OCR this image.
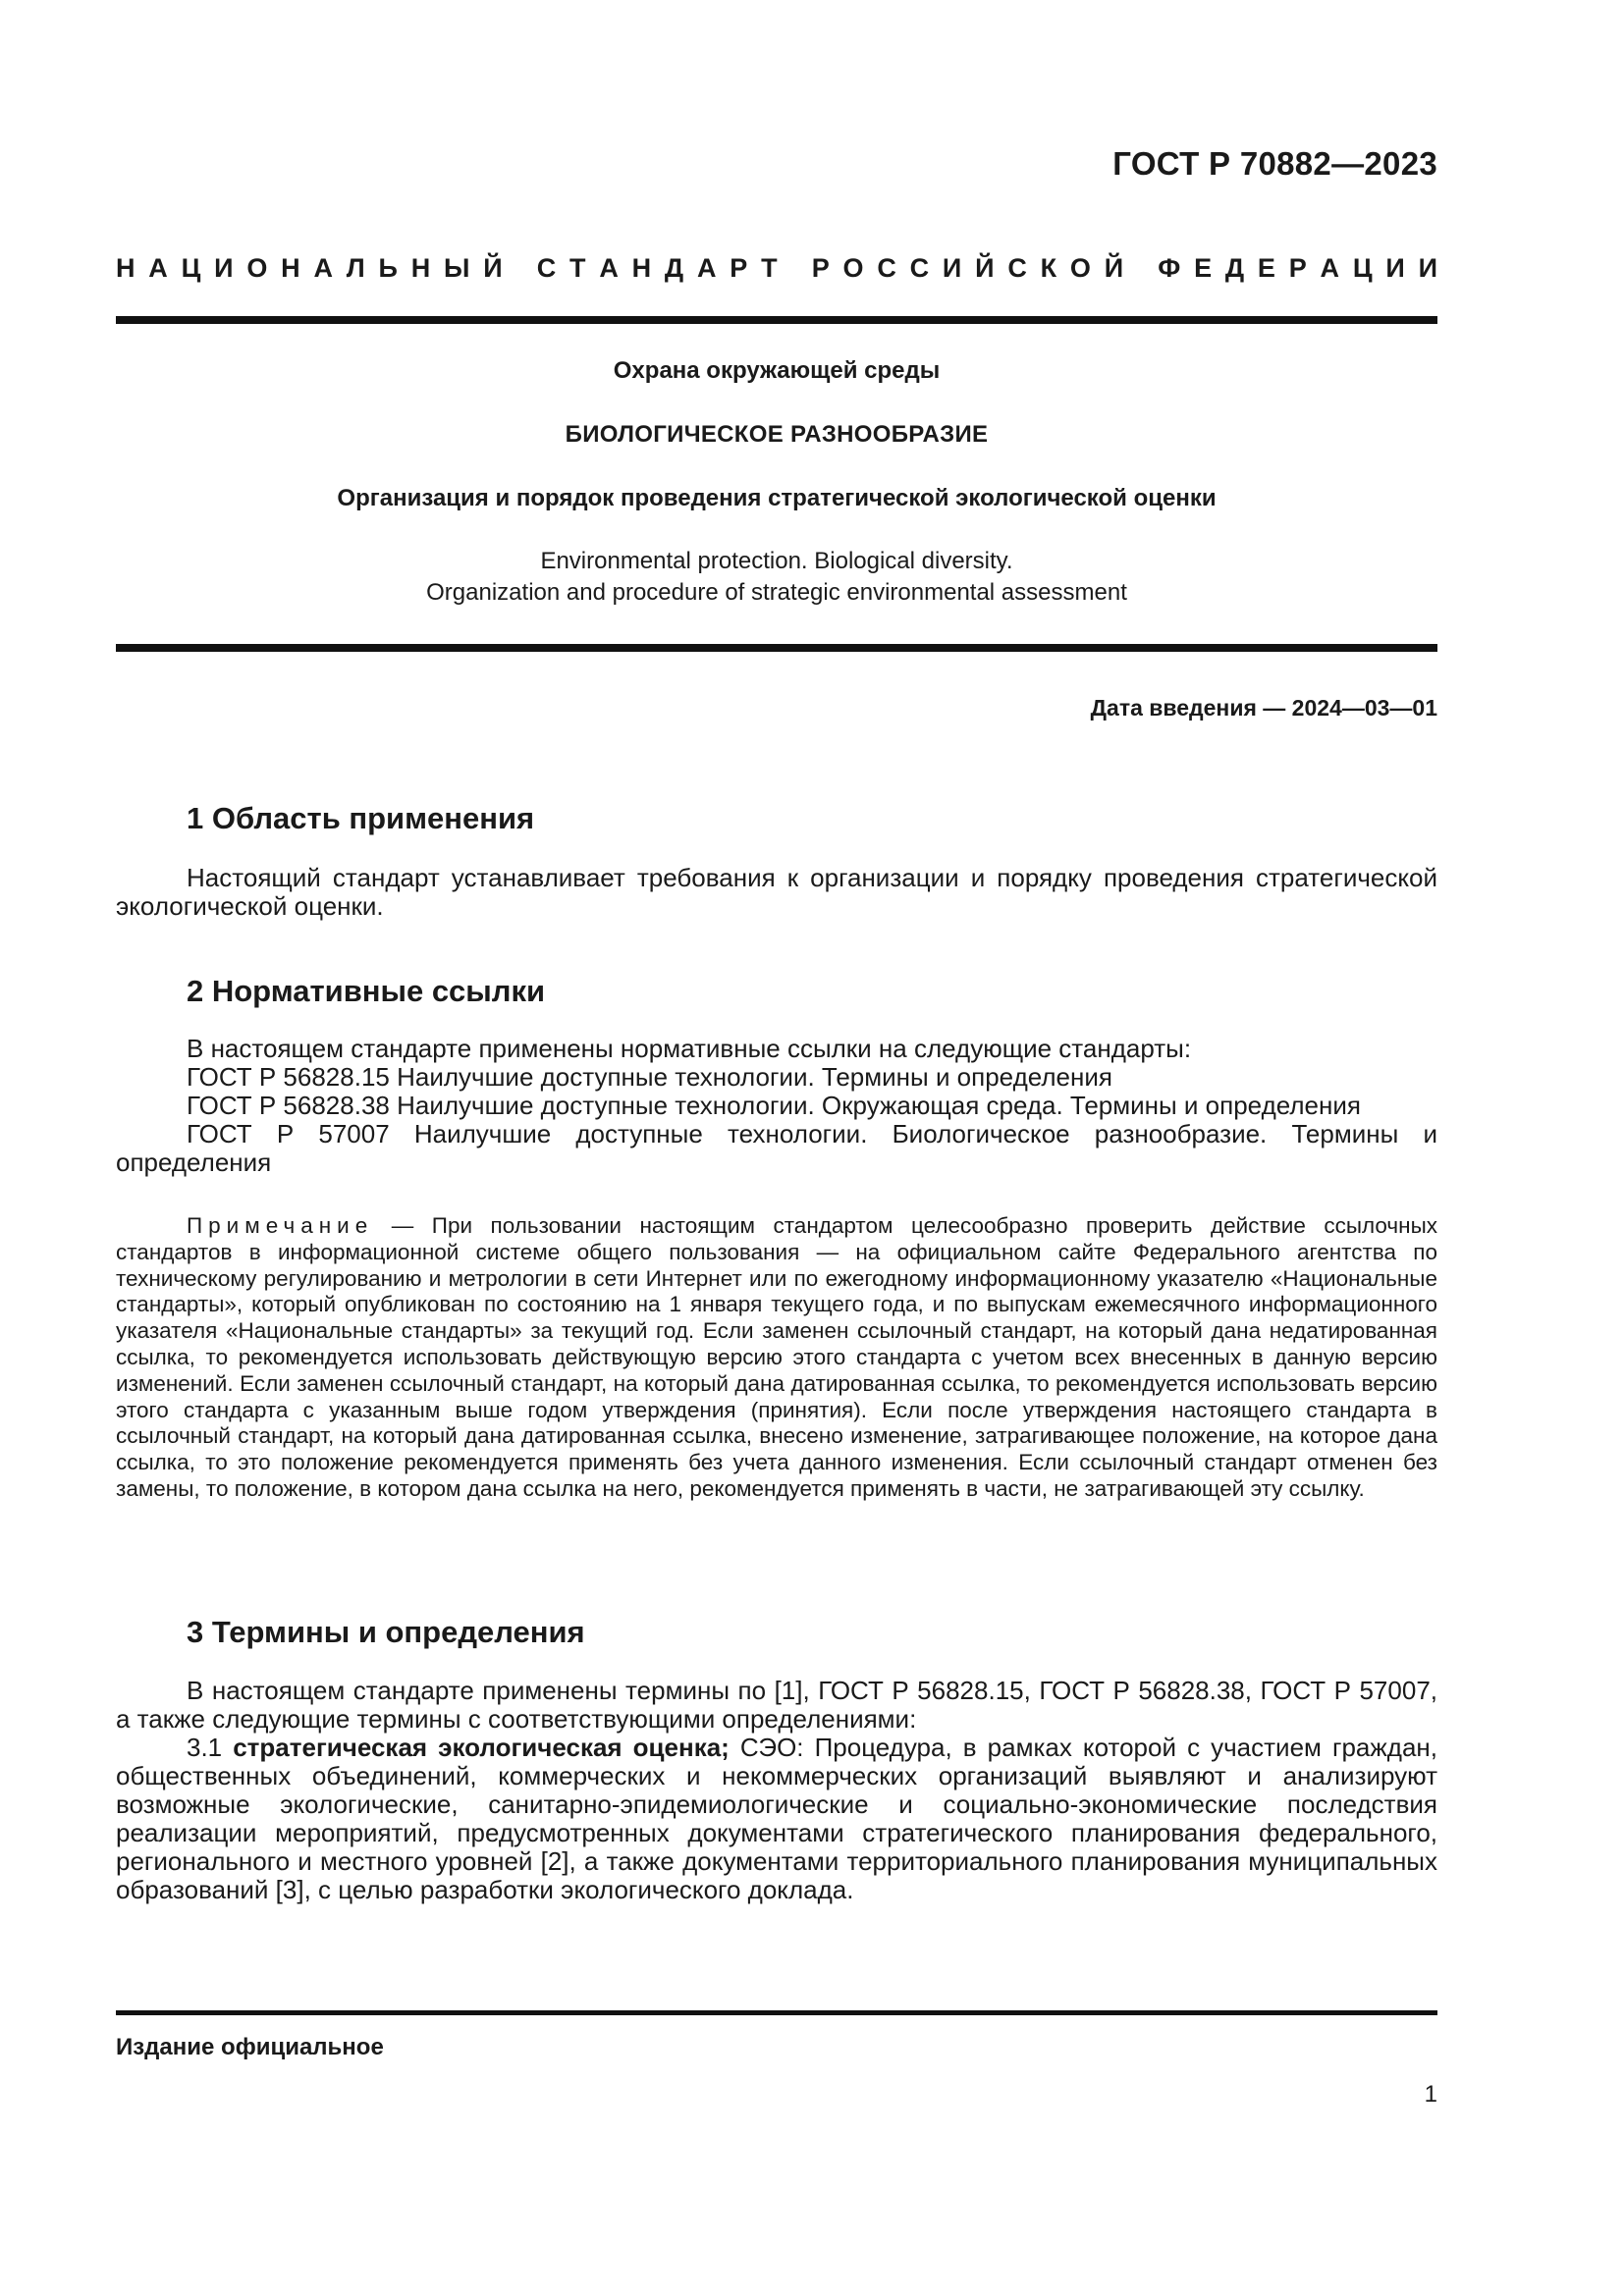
ГОСТ Р 70882—2023
Н А Ц И О Н А Л Ь Н Ы Й
С Т А Н Д А Р Т
Р О С С И Й С К О Й
Ф Е Д Е Р А Ц И И
Охрана окружающей среды
БИОЛОГИЧЕСКОЕ РАЗНООБРАЗИЕ
Организация и порядок проведения стратегической экологической оценки
Environmental protection. Biological diversity.
Organization and procedure of strategic environmental assessment
Дата введения — 2024—03—01
1 Область применения

Настоящий стандарт устанавливает требования к организации и порядку проведения стратегической экологической оценки.

2 Нормативные ссылки

В настоящем стандарте применены нормативные ссылки на следующие стандарты:

ГОСТ Р 56828.15 Наилучшие доступные технологии. Термины и определения

ГОСТ Р 56828.38 Наилучшие доступные технологии. Окружающая среда. Термины и определения

ГОСТ Р 57007 Наилучшие доступные технологии. Биологическое разнообразие. Термины и определения

Примечание — При пользовании настоящим стандартом целесообразно проверить действие ссылочных стандартов в информационной системе общего пользования — на официальном сайте Федерального агентства по техническому регулированию и метрологии в сети Интернет или по ежегодному информационному указателю «Национальные стандарты», который опубликован по состоянию на 1 января текущего года, и по выпускам ежемесячного информационного указателя «Национальные стандарты» за текущий год. Если заменен ссылочный стандарт, на который дана недатированная ссылка, то рекомендуется использовать действующую версию этого стандарта с учетом всех внесенных в данную версию изменений. Если заменен ссылочный стандарт, на который дана датированная ссылка, то рекомендуется использовать версию этого стандарта с указанным выше годом утверждения (принятия). Если после утверждения настоящего стандарта в ссылочный стандарт, на который дана датированная ссылка, внесено изменение, затрагивающее положение, на которое дана ссылка, то это положение рекомендуется применять без учета данного изменения. Если ссылочный стандарт отменен без замены, то положение, в котором дана ссылка на него, рекомендуется применять в части, не затрагивающей эту ссылку.
3 Термины и определения

В настоящем стандарте применены термины по [1], ГОСТ Р 56828.15, ГОСТ Р 56828.38, ГОСТ Р 57007, а также следующие термины с соответствующими определениями:

3.1 стратегическая экологическая оценка; СЭО: Процедура, в рамках которой с участием граждан, общественных объединений, коммерческих и некоммерческих организаций выявляют и анализируют возможные экологические, санитарно-эпидемиологические и социально-экономические последствия реализации мероприятий, предусмотренных документами стратегического планирования федерального, регионального и местного уровней [2], а также документами территориального планирования муниципальных образований [3], с целью разработки экологического доклада.

Издание официальное
1
